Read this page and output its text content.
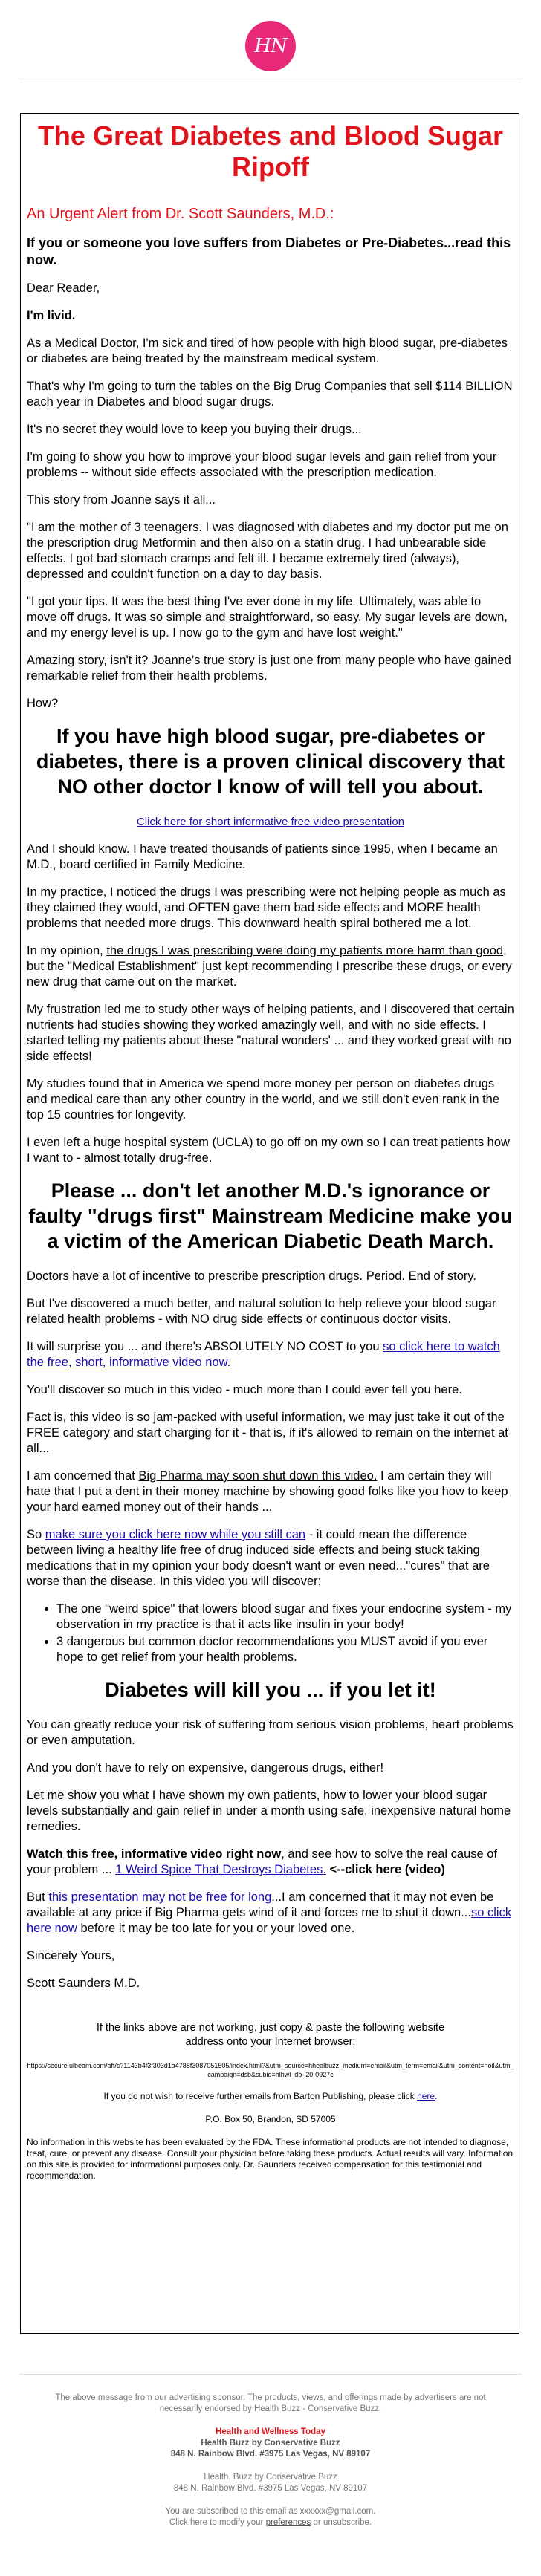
HN
The Great Diabetes and Blood Sugar Ripoff

An Urgent Alert from Dr. Scott Saunders, M.D.:

If you or someone you love suffers from Diabetes or Pre-Diabetes...read this now.

Dear Reader,

I'm livid.

As a Medical Doctor, I'm sick and tired of how people with high blood sugar, pre-diabetes or diabetes are being treated by the mainstream medical system.

That's why I'm going to turn the tables on the Big Drug Companies that sell $114 BILLION each year in Diabetes and blood sugar drugs.

It's no secret they would love to keep you buying their drugs...

I'm going to show you how to improve your blood sugar levels and gain relief from your problems -- without side effects associated with the prescription medication.

This story from Joanne says it all...

"I am the mother of 3 teenagers. I was diagnosed with diabetes and my doctor put me on the prescription drug Metformin and then also on a statin drug. I had unbearable side effects. I got bad stomach cramps and felt ill. I became extremely tired (always), depressed and couldn't function on a day to day basis.

"I got your tips. It was the best thing I've ever done in my life. Ultimately, was able to move off drugs. It was so simple and straightforward, so easy. My sugar levels are down, and my energy level is up. I now go to the gym and have lost weight."

Amazing story, isn't it? Joanne's true story is just one from many people who have gained remarkable relief from their health problems.

How?

If you have high blood sugar, pre-diabetes or diabetes, there is a proven clinical discovery that NO other doctor I know of will tell you about.

Click here for short informative free video presentation

And I should know. I have treated thousands of patients since 1995, when I became an M.D., board certified in Family Medicine.

In my practice, I noticed the drugs I was prescribing were not helping people as much as they claimed they would, and OFTEN gave them bad side effects and MORE health problems that needed more drugs. This downward health spiral bothered me a lot.

In my opinion, the drugs I was prescribing were doing my patients more harm than good, but the "Medical Establishment" just kept recommending I prescribe these drugs, or every new drug that came out on the market.

My frustration led me to study other ways of helping patients, and I discovered that certain nutrients had studies showing they worked amazingly well, and with no side effects. I started telling my patients about these "natural wonders' ... and they worked great with no side effects!

My studies found that in America we spend more money per person on diabetes drugs and medical care than any other country in the world, and we still don't even rank in the top 15 countries for longevity.

I even left a huge hospital system (UCLA) to go off on my own so I can treat patients how I want to - almost totally drug-free.

Please ... don't let another M.D.'s ignorance or faulty "drugs first" Mainstream Medicine make you a victim of the American Diabetic Death March.

Doctors have a lot of incentive to prescribe prescription drugs. Period. End of story.

But I've discovered a much better, and natural solution to help relieve your blood sugar related health problems - with NO drug side effects or continuous doctor visits.

It will surprise you ... and there's ABSOLUTELY NO COST to you so click here to watch the free, short, informative video now.

You'll discover so much in this video - much more than I could ever tell you here.

Fact is, this video is so jam-packed with useful information, we may just take it out of the FREE category and start charging for it - that is, if it's allowed to remain on the internet at all...

I am concerned that Big Pharma may soon shut down this video. I am certain they will hate that I put a dent in their money machine by showing good folks like you how to keep your hard earned money out of their hands ...

So make sure you click here now while you still can - it could mean the difference between living a healthy life free of drug induced side effects and being stuck taking medications that in my opinion your body doesn't want or even need..."cures" that are worse than the disease. In this video you will discover:

• The one "weird spice" that lowers blood sugar and fixes your endocrine system - my observation in my practice is that it acts like insulin in your body!
• 3 dangerous but common doctor recommendations you MUST avoid if you ever hope to get relief from your health problems.
Diabetes will kill you ... if you let it!

You can greatly reduce your risk of suffering from serious vision problems, heart problems or even amputation.

And you don't have to rely on expensive, dangerous drugs, either!

Let me show you what I have shown my own patients, how to lower your blood sugar levels substantially and gain relief in under a month using safe, inexpensive natural home remedies.

Watch this free, informative video right now, and see how to solve the real cause of your problem ... 1 Weird Spice That Destroys Diabetes. <--click here (video)

But this presentation may not be free for long...I am concerned that it may not even be available at any price if Big Pharma gets wind of it and forces me to shut it down...so click here now before it may be too late for you or your loved one.

Sincerely Yours,

Scott Saunders M.D.

If the links above are not working, just copy & paste the following website address onto your Internet browser:

https://secure.ulbeam.com/aff/c?1143b4f3f303d1a4788f3087051505/index.html?&utm_source=hhealbuzz_medium=email&utm_term=email&utm_content=hoil&utm_campaign=dsb&subid=hlhwl_db_20-0927c

If you do not wish to receive further emails from Barton Publishing, please click here.

P.O. Box 50, Brandon, SD 57005

No information in this website has been evaluated by the FDA. These informational products are not intended to diagnose, treat, cure, or prevent any disease. Consult your physician before taking these products. Actual results will vary. Information on this site is provided for informational purposes only. Dr. Saunders received compensation for this testimonial and recommendation.

The above message from our advertising sponsor. The products, views, and offerings made by advertisers are not necessarily endorsed by Health Buzz - Conservative Buzz.

Health and Wellness Today
Health Buzz by Conservative Buzz
848 N. Rainbow Blvd. #3975 Las Vegas, NV 89107

Health. Buzz by Conservative Buzz
848 N. Rainbow Blvd. #3975 Las Vegas, NV 89107

You are subscribed to this email as xxxxxx@gmail.com.
Click here to modify your preferences or unsubscribe.
